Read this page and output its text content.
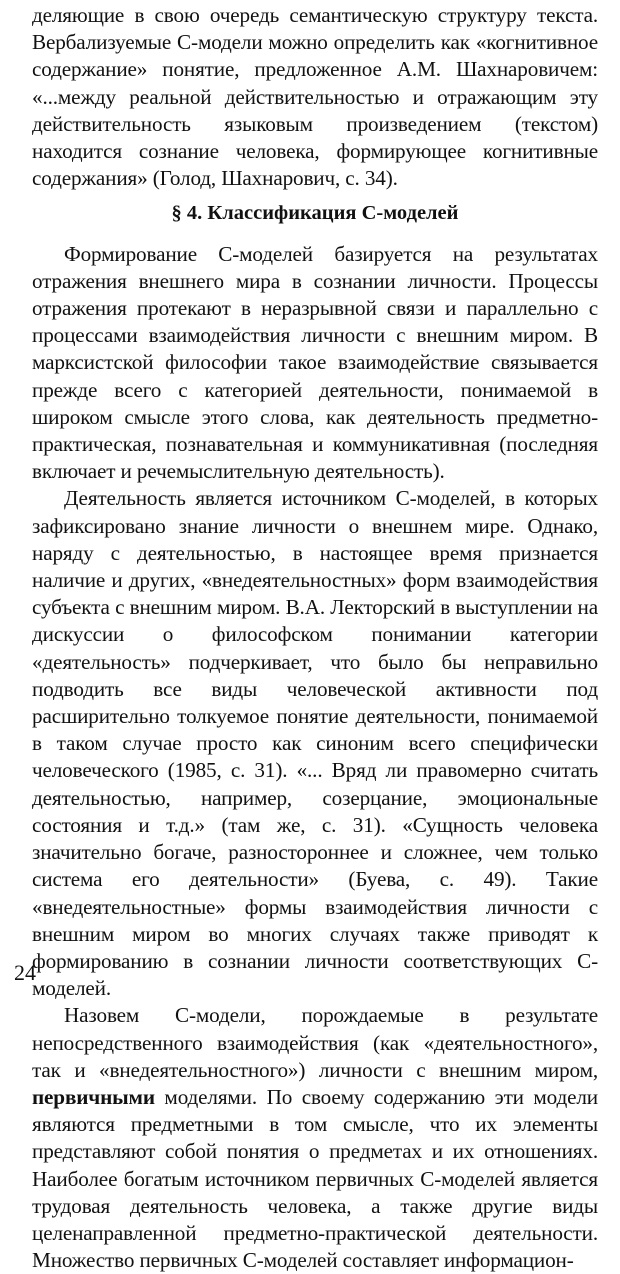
деляющие в свою очередь семантическую структуру текста. Вербализуемые С-модели можно определить как «когнитивное содержание» понятие, предложенное А.М. Шахнаровичем: «...между реальной действительностью и отражающим эту действительность языковым произведением (текстом) находится сознание человека, формирующее когнитивные содержания» (Голод, Шахнарович, с. 34).

§ 4. Классификация С-моделей

Формирование С-моделей базируется на результатах отражения внешнего мира в сознании личности. Процессы отражения протекают в неразрывной связи и параллельно с процессами взаимодействия личности с внешним миром. В марксистской философии такое взаимодействие связывается прежде всего с категорией деятельности, понимаемой в широком смысле этого слова, как деятельность предметно-практическая, познавательная и коммуникативная (последняя включает и речемыслительную деятельность).

Деятельность является источником С-моделей, в которых зафиксировано знание личности о внешнем мире. Однако, наряду с деятельностью, в настоящее время признается наличие и других, «внедеятельностных» форм взаимодействия субъекта с внешним миром. В.А. Лекторский в выступлении на дискуссии о философском понимании категории «деятельность» подчеркивает, что было бы неправильно подводить все виды человеческой активности под расширительно толкуемое понятие деятельности, понимаемой в таком случае просто как синоним всего специфически человеческого (1985, с. 31). «... Вряд ли правомерно считать деятельностью, например, созерцание, эмоциональные состояния и т.д.» (там же, с. 31). «Сущность человека значительно богаче, разностороннее и сложнее, чем только система его деятельности» (Буева, с. 49). Такие «внедеятельностные» формы взаимодействия личности с внешним миром во многих случаях также приводят к формированию в сознании личности соответствующих С-моделей.

Назовем С-модели, порождаемые в результате непосредственного взаимодействия (как «деятельностного», так и «внедеятельностного») личности с внешним миром, первичными моделями. По своему содержанию эти модели являются предметными в том смысле, что их элементы представляют собой понятия о предметах и их отношениях. Наиболее богатым источником первичных С-моделей является трудовая деятельность человека, а также другие виды целенаправленной предметно-практической деятельности. Множество первичных С-моделей составляет информацион-

24
